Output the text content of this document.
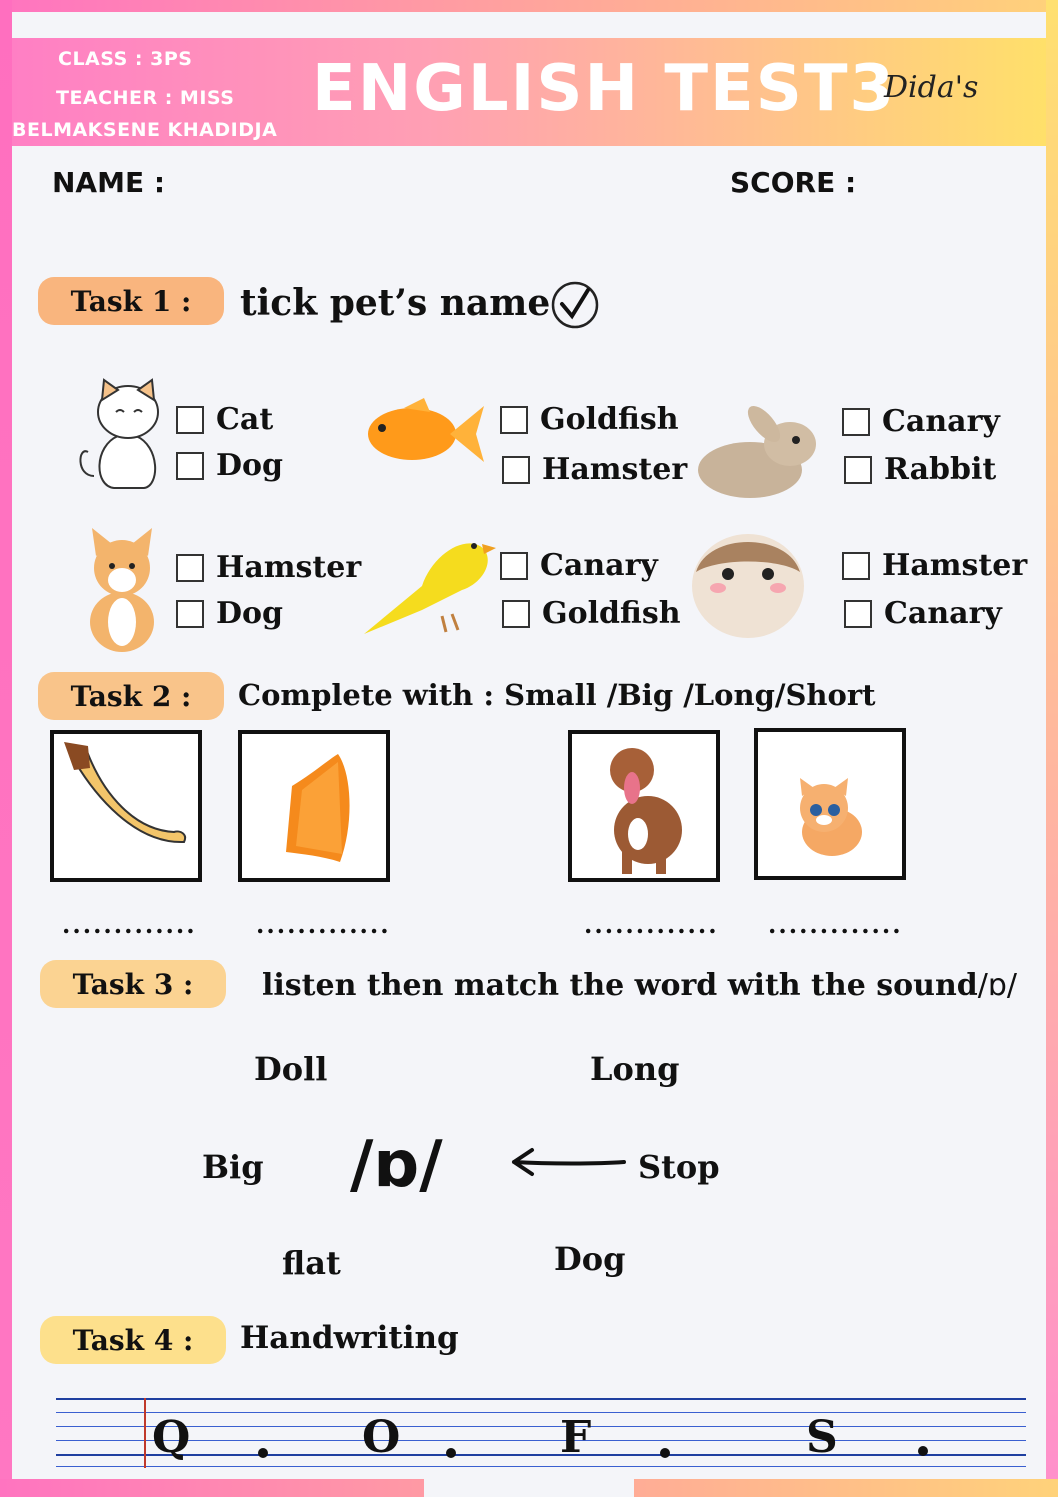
CLASS : 3PS
TEACHER : MISS
BELMAKSENE KHADIDJA
ENGLISH TEST3
Dida's
NAME :	SCORE :
Task 1 :	tick pet’s name
Cat
Dog
Goldfish
Hamster
Canary
Rabbit
Hamster
Dog
Canary
Goldfish
Hamster
Canary
Task 2 :	Complete with : Small /Big /Long/Short
............. .............	............. .............
Task 3 :	listen then match the word with the sound/ɒ/
Doll	Long
Big /ɒ/	Stop
flat	Dog
Task 4 :	Handwriting
Q	O	F	S
